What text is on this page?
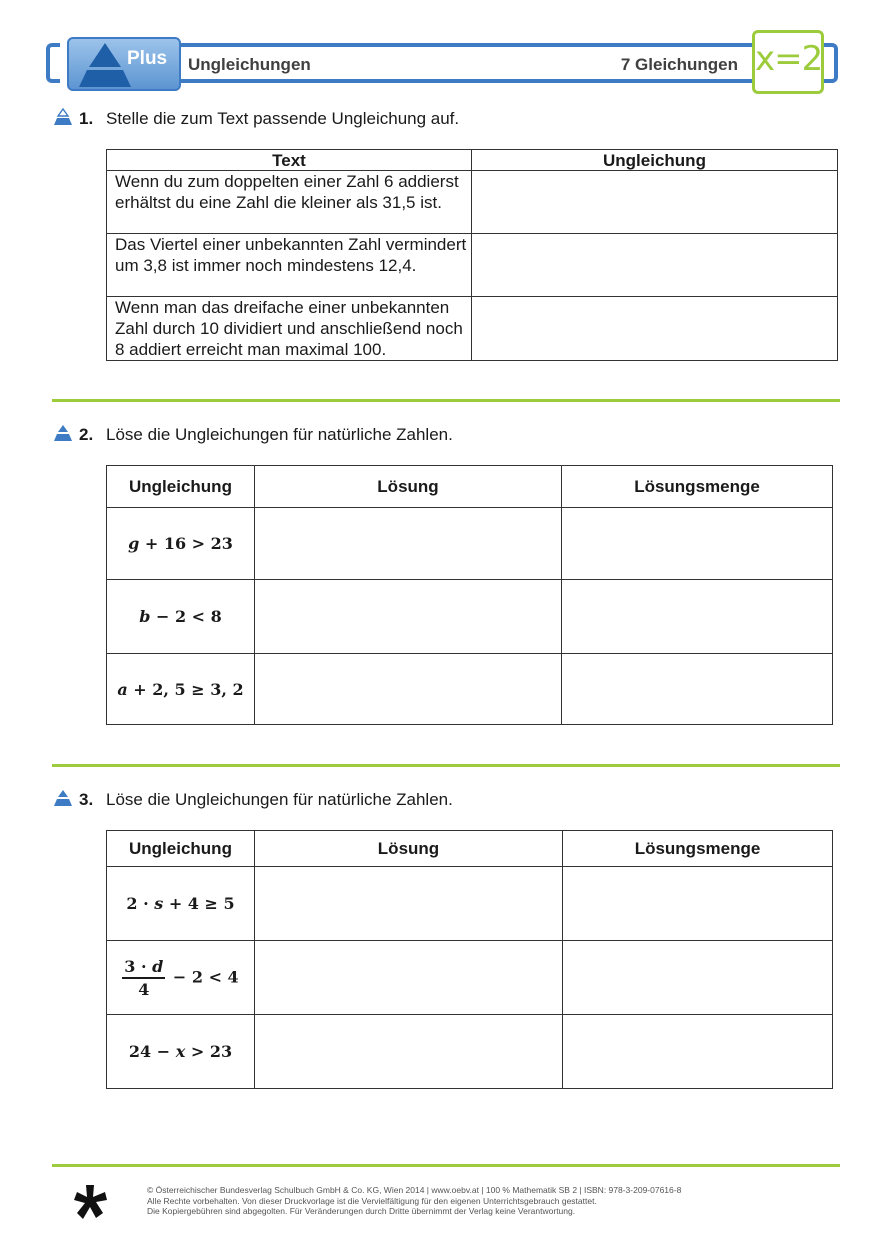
Plus Ungleichungen	7 Gleichungen x=2
1. Stelle die zum Text passende Ungleichung auf.
Text	Ungleichung
Wenn du zum doppelten einer Zahl 6 addierst erhältst du eine Zahl die kleiner als 31,5 ist.	
Das Viertel einer unbekannten Zahl vermindert um 3,8 ist immer noch mindestens 12,4.	
Wenn man das dreifache einer unbekannten Zahl durch 10 dividiert und anschließend noch 8 addiert erreicht man maximal 100.	
2. Löse die Ungleichungen für natürliche Zahlen.
Ungleichung	Lösung	Lösungsmenge
g + 16 > 23		
b − 2 < 8		
a + 2, 5 ≥ 3, 2		
3. Löse die Ungleichungen für natürliche Zahlen.
Ungleichung	Lösung	Lösungsmenge
2 · s + 4 ≥ 5		

$\frac{3 \cdot d}{4} - 2 < 4$		
24 − x > 23		
© Österreichischer Bundesverlag Schulbuch GmbH & Co. KG, Wien 2014 | www.oebv.at | 100 % Mathematik SB 2 | ISBN: 978-3-209-07616-8
Alle Rechte vorbehalten. Von dieser Druckvorlage ist die Vervielfältigung für den eigenen Unterrichtsgebrauch gestattet.
Die Kopiergebühren sind abgegolten. Für Veränderungen durch Dritte übernimmt der Verlag keine Verantwortung.
